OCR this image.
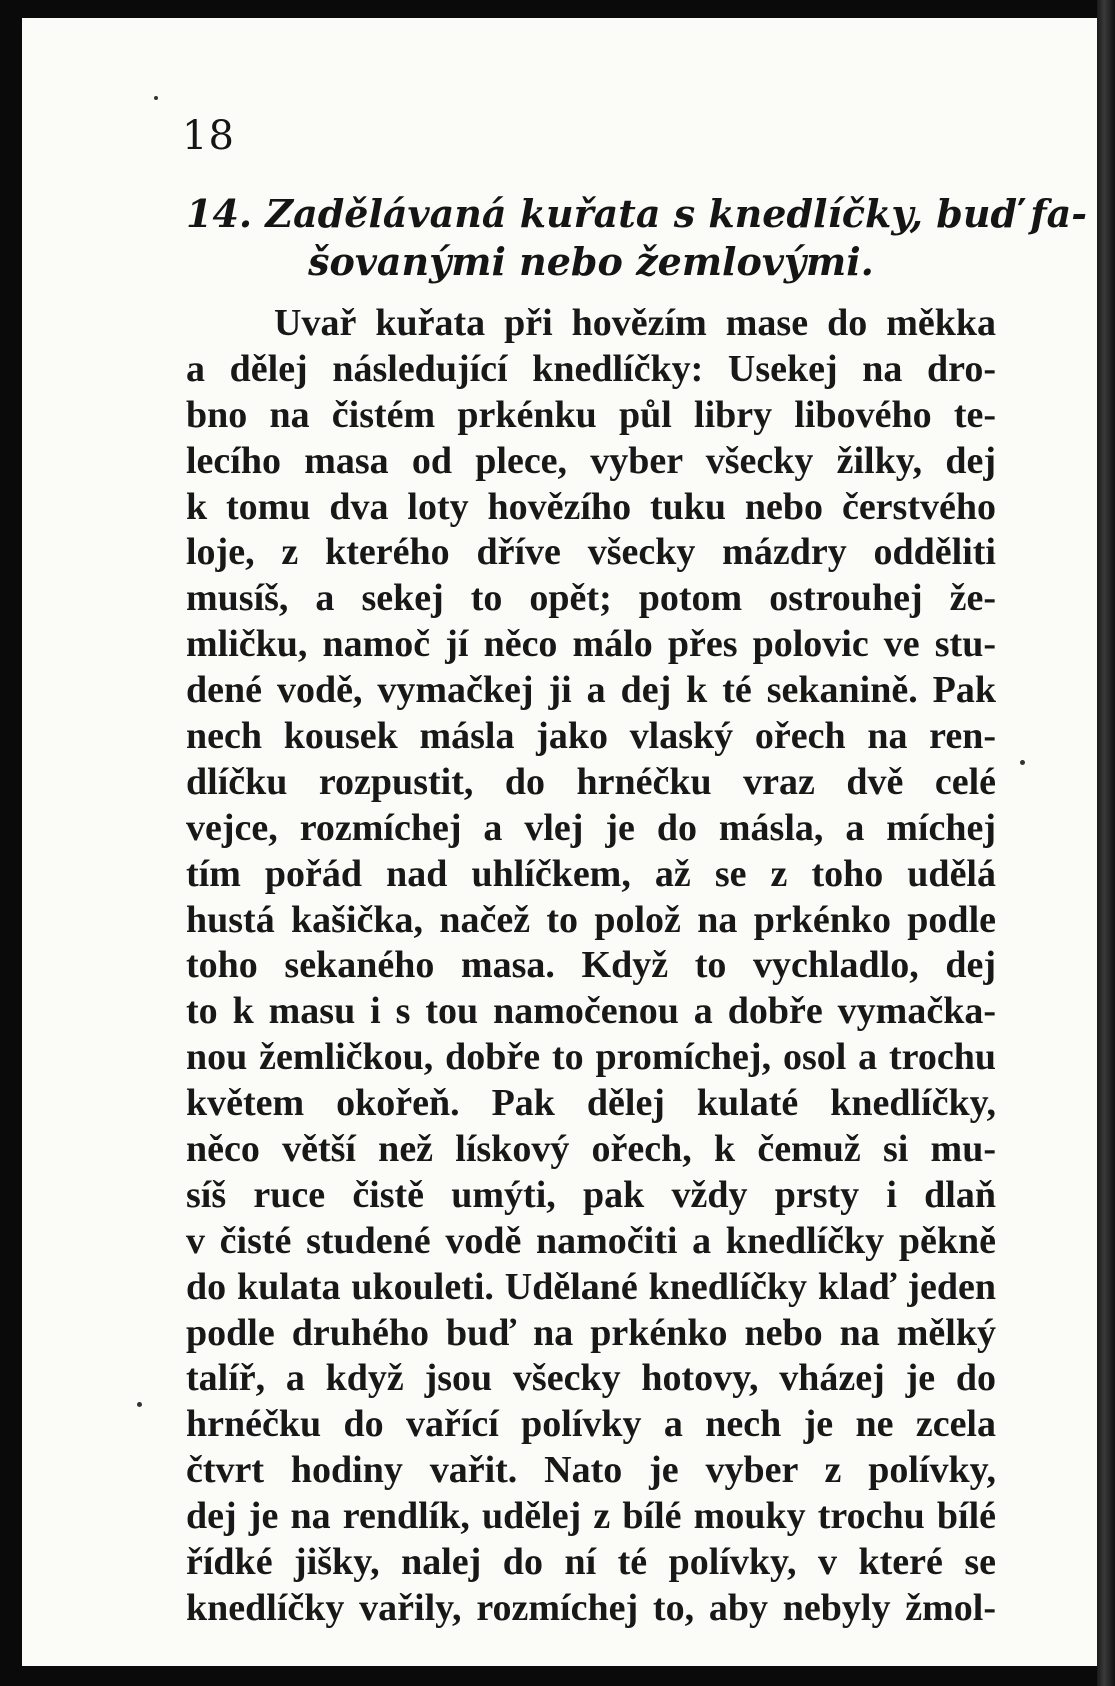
18
14. Zadělávaná kuřata s knedlíčky, buď fa-
šovanými nebo žemlovými.
Uvař kuřata při hovězím mase do měkka
a dělej následující knedlíčky: Usekej na dro-
bno na čistém prkénku půl libry libového te-
lecího masa od plece, vyber všecky žilky, dej
k tomu dva loty hovězího tuku nebo čerstvého
loje, z kterého dříve všecky mázdry odděliti
musíš, a sekej to opět; potom ostrouhej že-
mličku, namoč jí něco málo přes polovic ve stu-
dené vodě, vymačkej ji a dej k té sekanině. Pak
nech kousek másla jako vlaský ořech na ren-
dlíčku rozpustit, do hrnéčku vraz dvě celé
vejce, rozmíchej a vlej je do másla, a míchej
tím pořád nad uhlíčkem, až se z toho udělá
hustá kašička, načež to polož na prkénko podle
toho sekaného masa. Když to vychladlo, dej
to k masu i s tou namočenou a dobře vymačka-
nou žemličkou, dobře to promíchej, osol a trochu
květem okořeň. Pak dělej kulaté knedlíčky,
něco větší než lískový ořech, k čemuž si mu-
síš ruce čistě umýti, pak vždy prsty i dlaň
v čisté studené vodě namočiti a knedlíčky pěkně
do kulata ukouleti. Udělané knedlíčky klaď jeden
podle druhého buď na prkénko nebo na mělký
talíř, a když jsou všecky hotovy, vházej je do
hrnéčku do vařící polívky a nech je ne zcela
čtvrt hodiny vařit. Nato je vyber z polívky,
dej je na rendlík, udělej z bílé mouky trochu bílé
řídké jišky, nalej do ní té polívky, v které se
knedlíčky vařily, rozmíchej to, aby nebyly žmol-
